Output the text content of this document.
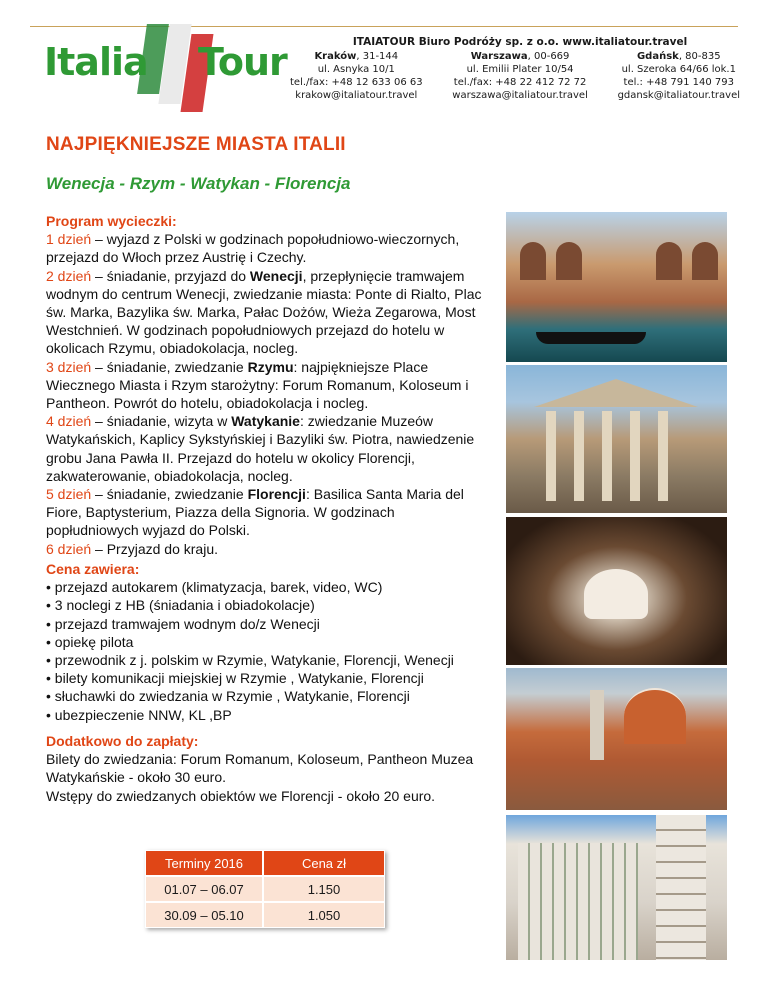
Italia Tour	ITAIATOUR Biuro Podróży sp. z o.o. www.italiatour.travel
Kraków, 31-144
ul. Asnyka 10/1
tel./fax: +48 12 633 06 63
krakow@italiatour.travel
Warszawa, 00-669
ul. Emilii Plater 10/54
tel./fax: +48 22 412 72 72
warszawa@italiatour.travel
Gdańsk, 80-835
ul. Szeroka 64/66 lok.1
tel.: +48 791 140 793
gdansk@italiatour.travel
NAJPIĘKNIEJSZE MIASTA ITALII
Wenecja - Rzym - Watykan - Florencja
Program wycieczki:
1 dzień – wyjazd z Polski w godzinach popołudniowo-wieczornych, przejazd do Włoch przez Austrię i Czechy.
2 dzień – śniadanie, przyjazd do Wenecji, przepłynięcie tramwajem wodnym do centrum Wenecji, zwiedzanie miasta: Ponte di Rialto, Plac św. Marka, Bazylika św. Marka, Pałac Dożów, Wieża Zegarowa, Most Westchnień. W godzinach popołudniowych przejazd do hotelu w okolicach Rzymu, obiadokolacja, nocleg.
3 dzień – śniadanie, zwiedzanie Rzymu: najpiękniejsze Place Wiecznego Miasta i Rzym starożytny: Forum Romanum, Koloseum i Pantheon. Powrót do hotelu, obiadokolacja i nocleg.
4 dzień – śniadanie, wizyta w Watykanie: zwiedzanie Muzeów Watykańskich, Kaplicy Sykstyńskiej i Bazyliki św. Piotra, nawiedzenie grobu Jana Pawła II. Przejazd do hotelu w okolicy Florencji, zakwaterowanie, obiadokolacja, nocleg.
5 dzień – śniadanie, zwiedzanie Florencji: Basilica Santa Maria del Fiore, Baptysterium, Piazza della Signoria. W godzinach popłudniowych wyjazd do Polski.
6 dzień – Przyjazd do kraju.
Cena zawiera:
• przejazd autokarem (klimatyzacja, barek, video, WC)
• 3 noclegi z HB (śniadania i obiadokolacje)
• przejazd tramwajem wodnym do/z Wenecji
• opiekę pilota
• przewodnik z j. polskim w Rzymie, Watykanie, Florencji, Wenecji
• bilety komunikacji miejskiej w Rzymie , Watykanie, Florencji
• słuchawki do zwiedzania w Rzymie , Watykanie, Florencji
• ubezpieczenie NNW, KL ,BP
Dodatkowo do zapłaty:
Bilety do zwiedzania: Forum Romanum, Koloseum, Pantheon Muzea Watykańskie - około 30 euro.
Wstępy do zwiedzanych obiektów we Florencji - około 20 euro.
Terminy 2016	Cena zł
01.07 – 06.07	1.150
30.09 – 05.10	1.050
